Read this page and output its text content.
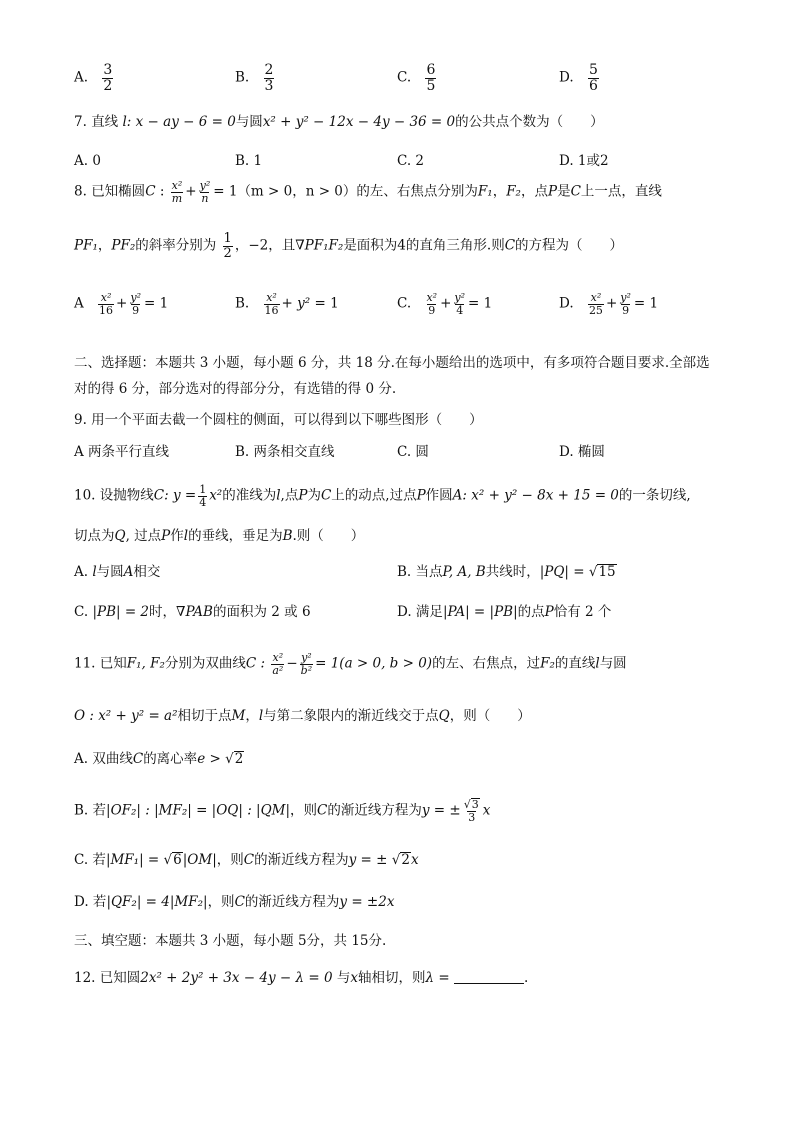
A. $\frac{3}{2}$	B. $\frac{2}{3}$	C. $\frac{6}{5}$	D. $\frac{5}{6}$
7. 直线 l: x − ay − 6 = 0与圆x² + y² − 12x − 4y − 36 = 0的公共点个数为（　　）
A. 0	B. 1	C. 2	D. 1或2
8. 已知椭圆C : $\frac{\text{x²}}{m} + \frac{\text{y²}}{n} = 1(m > 0$，n > 0）的左、右焦点分别为F₁，F₂，点P是C上一点，直线
PF₁，PF₂的斜率分别为 $\frac{1}{2}$ ，−2，且∇PF₁F₂是面积为4的直角三角形.则C的方程为（　　）
A $\frac{\text{x²}}{16} + \frac{\text{y²}}{9} = 1$	B. $\frac{\text{x²}}{16} + y^2 = 1$	C. $\frac{\text{x²}}{9} + \frac{\text{y²}}{4} = 1$	D. $\frac{\text{x²}}{25} + \frac{\text{y²}}{9} = 1$
二、选择题：本题共 3 小题，每小题 6 分，共 18 分.在每小题给出的选项中，有多项符合题目要求.全部选
对的得 6 分，部分选对的得部分分，有选错的得 0 分.
9. 用一个平面去截一个圆柱的侧面，可以得到以下哪些图形（　　）
A 两条平行直线	B. 两条相交直线	C. 圆	D. 椭圆
10. 设抛物线C: $y = \frac{1}{4} x^2$的准线为l,点P为C上的动点,过点P作圆A: x² + y² − 8x + 15 = 0的一条切线,
切点为Q, 过点P作l的垂线，垂足为B.则（　　）
A. l与圆A相交	B. 当点P, A, B共线时，|PQ| = √15
C. |PB| = 2时，∇PAB的面积为 2 或 6	D. 满足|PA| = |PB|的点P恰有 2 个
11. 已知F₁, F₂分别为双曲线C : $\frac{\text{x²}}{\text{a²}} - \frac{\text{y²}}{\text{b²}} = 1(a > 0$, b > 0)的左、右焦点，过F₂的直线l与圆
O : x² + y² = a²相切于点M，l与第二象限内的渐近线交于点Q，则（　　）
A. 双曲线C的离心率e > √2
B. 若|OF₂| : |MF₂| = |OQ| : |QM|，则C的渐近线方程为y = ± $\frac{√3}{3}$ x
C. 若|MF₁| = √6|OM|，则C的渐近线方程为y = ± √2x
D. 若|QF₂| = 4|MF₂|，则C的渐近线方程为y = ±2x
三、填空题：本题共 3 小题，每小题 5分，共 15分.
12. 已知圆2x² + 2y² + 3x − 4y − λ = 0 与x轴相切，则λ =	.
